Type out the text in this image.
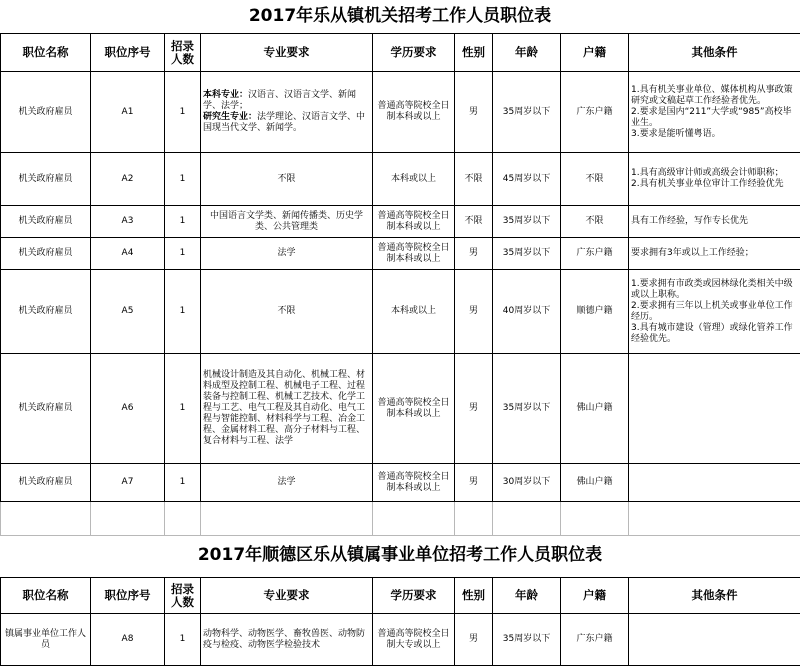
2017年乐从镇机关招考工作人员职位表
职位名称	职位序号	招录人数	专业要求	学历要求	性别	年龄	户籍	其他条件
机关政府雇员	A1	1	本科专业：汉语言、汉语言文学、新闻学、法学；
研究生专业：法学理论、汉语言文学、中国现当代文学、新闻学。	普通高等院校全日制本科或以上	男	35周岁以下	广东户籍	1.具有机关事业单位、媒体机构从事政策研究或文稿起草工作经验者优先。
2.要求是国内“211”大学或“985”高校毕业生。
3.要求是能听懂粤语。

机关政府雇员	A2	1	不限	本科或以上	不限	45周岁以下	不限	1.具有高级审计师或高级会计师职称；
2.具有机关事业单位审计工作经验优先

机关政府雇员	A3	1	中国语言文学类、新闻传播类、历史学类、公共管理类	普通高等院校全日制本科或以上	不限	35周岁以下	不限	具有工作经验，写作专长优先

机关政府雇员	A4	1	法学	普通高等院校全日制本科或以上	男	35周岁以下	广东户籍	要求拥有3年或以上工作经验；

机关政府雇员	A5	1	不限	本科或以上	男	40周岁以下	顺德户籍	1.要求拥有市政类或园林绿化类相关中级或以上职称。
2.要求拥有三年以上机关或事业单位工作经历。
3.具有城市建设（管理）或绿化管养工作经验优先。

机关政府雇员	A6	1	机械设计制造及其自动化、机械工程、材料成型及控制工程、机械电子工程、过程装备与控制工程、机械工艺技术、化学工程与工艺、电气工程及其自动化、电气工程与智能控制、材料科学与工程、冶金工程、金属材料工程、高分子材料与工程、复合材料与工程、法学	普通高等院校全日制本科或以上	男	35周岁以下	佛山户籍	
机关政府雇员	A7	1	法学	普通高等院校全日制本科或以上	男	30周岁以下	佛山户籍	

2017年顺德区乐从镇属事业单位招考工作人员职位表
职位名称	职位序号	招录人数	专业要求	学历要求	性别	年龄	户籍	其他条件
镇属事业单位工作人员	A8	1	动物科学、动物医学、畜牧兽医、动物防疫与检疫、动物医学检验技术	普通高等院校全日制大专或以上	男	35周岁以下	广东户籍	
